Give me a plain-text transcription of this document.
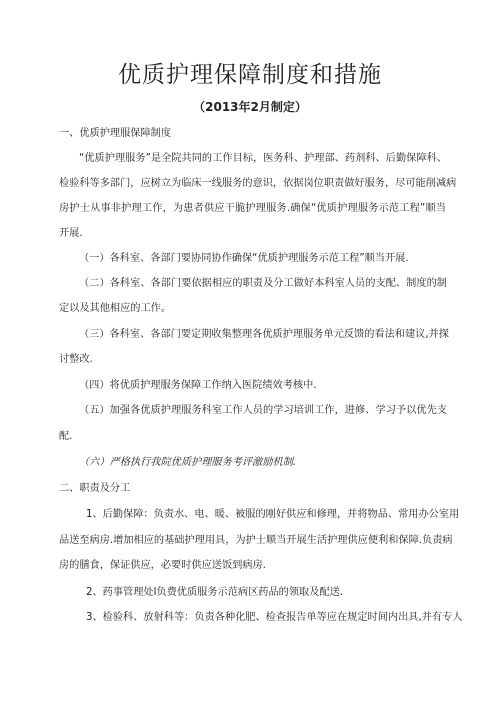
优质护理保障制度和措施
（2013年2月制定）
一、优质护理服保障制度
“优质护理服务”是全院共同的工作目标，医务科、护理部、药剂科、后勤保障科、
检验科等多部门，应树立为临床一线服务的意识，依据岗位职责做好服务，尽可能削减病
房护士从事非护理工作，为患者供应干脆护理服务.确保“优质护理服务示范工程”顺当
开展.
（一）各科室、各部门要协同协作确保“优质护理服务示范工程”顺当开展.
（二）各科室、各部门要依据相应的职责及分工做好本科室人员的支配、制度的制
定以及其他相应的工作。
（三）各科室、各部门要定期收集整理各优质护理服务单元反馈的看法和建议,并探
讨整改.
（四）将优质护理服务保障工作纳入医院绩效考核中.
（五）加强各优质护理服务科室工作人员的学习培训工作，进修、学习予以优先支
配.
（六）严格执行我院优质护理服务考评激励机制.
二、职责及分工
1、后勤保障：负责水、电、暖、被服的刚好供应和修理，并将物品、常用办公室用
品送至病房.增加相应的基础护理用具，为护士顺当开展生活护理供应便利和保障.负责病
房的膳食，保证供应，必要时供应送饭到病房.
2、药事管理处l负费优质服务示范病区药品的领取及配送.
3、检验科、放射科等：负责各种化肥、检查报告单等应在规定时间内出具,并有专人
